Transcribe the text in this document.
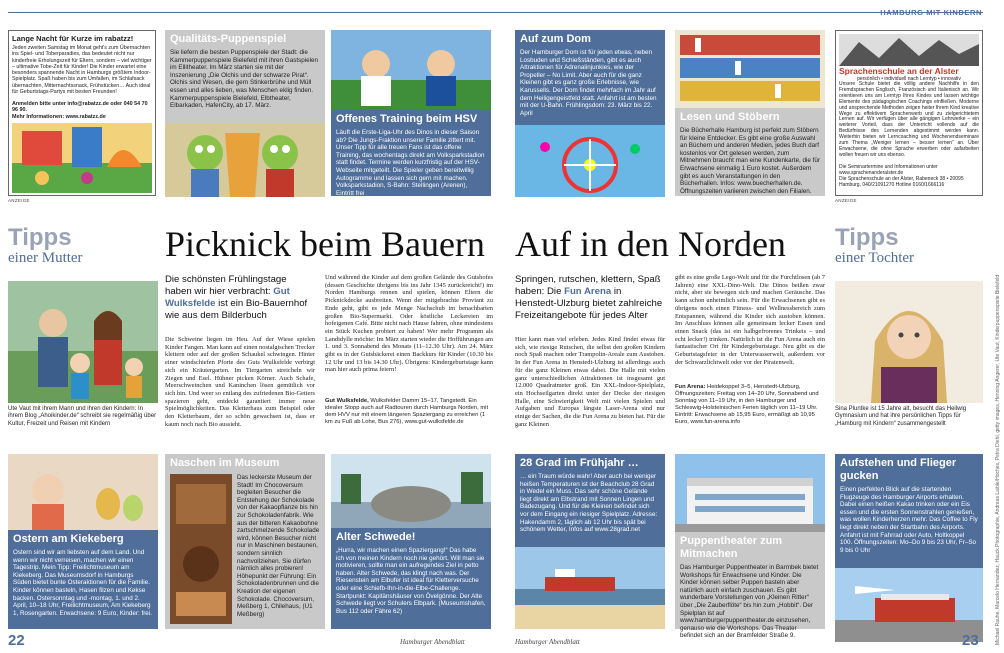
Lange Nacht für Kurze im rabatzz!
Jeden zweiten Samstag im Monat geht's zum Übernachten ins Spiel- und Toberparadies, das bedeutet nicht nur kinderfreie Erholungszeit für Eltern, sondern – viel wichtiger – ultimative Tobe-Zeit für Kinder! Die Kinder erwartet eine besonders spannende Nacht in Hamburgs größtem Indoor-Spielplatz. Spaß haben bis zum Umfallen, im Schlafsack übernachten, Mitternachtssnack, Frühstücken… Auch ideal für Geburtstags-Partys mit besten Freunden!
Anmelden bitte unter info@rabatzz.de oder 040 54 70 96 90.
Mehr Informationen: www.rabatzz.de
ANZEIGE
Qualitäts-Puppenspiel
Sie liefern die besten Puppenspiele der Stadt: die Kammerpuppenspiele Bielefeld mit ihren Gastspielen im Ellitheater. Im März starten sie mit der Inszenierung „Die Olchis und der schwarze Pirat“. Olchis sind Wesen, die gern Stinkerbrühe und Müll essen und alles lieben, was Menschen eklig finden. Kammerpuppenspiele Bielefeld, Elbtheater, Elbarkaden, HafenCity, ab 17. März.
Offenes Training beim HSV
Läuft die Erste-Liga-Uhr des Dinos in dieser Saison ab? Die Jungs-Fraktion unserer Familie zittert mit. Unser Tipp für alle treuen Fans ist das offene Training, das wochentags direkt am Volksparkstadion statt findet. Termine werden kurzfristig auf der HSV-Webseite mitgeteilt. Die Spieler geben bereitwillig Autogramme und lassen sich gern mit machen. Volksparkstadion, S-Bahn: Stellingen (Arenen), Eintritt frei
Auf zum Dom
Der Hamburger Dom ist für jeden etwas, neben Losbuden und Schießständen, gibt es auch Attraktionen für Adrenalinjunkies, wie der Propeller – No Limit. Aber auch für die ganz Kleinen gibt es ganz große Erlebnisse, wie Karussells. Der Dom findet mehrfach im Jahr auf dem Heiligengeistfeld statt. Anfahrt ist am besten mit der U-Bahn. Frühlingsdom: 23. März bis 22. April	Lesen und Stöbern
Die Bücherhalle Hamburg ist perfekt zum Stöbern für kleine Entdecker. Es gibt eine große Auswahl an Büchern und anderen Medien, jedes Buch darf kostenlos vor Ort gelesen werden, zum Mitnehmen braucht man eine Kundenkarte, die für Erwachsene einmalig 1 Euro kostet. Außerdem gibt es auch Veranstaltungen in den Bücherhallen. Infos: www.buecherhallen.de. Öffnungszeiten variieren zwischen den Filialen.
Sprachenschule an der Alster
persönlich • individuell nach Lerntyp • innovativ
Unsere Schule bietet die völlig andere Nachhilfe in den Fremdsprachen Englisch, Französisch und Italienisch an. Wir orientieren uns am Lerntyp Ihres Kindes und lassen wichtige Elemente des pädagogischen Coachings einfließen. Moderne und ansprechende Methoden zeigen heiter Ihrem Kind kreative Wege zu effektivem Sprachenwerb und zu zielgerichtetem Lernen auf. Wir verfügen über alle gängigen Lehrwerke – ein weiterer Vorteil, dass der Unterricht vollends auf die Bedürfnisse des Lernenden abgestimmt werden kann. Weiterhin bieten wir Lerncoaching und Wochenendseminare zum Thema „Weniger lernen – besser lernen“ an. Über Erwachsene, die ohne Sprache erwerben oder aufarbeiten wollen freuen wir uns ebenso.
Die Seminartermine und Informationen unter www.sprachenanderalster.de
Die Sprachenschule an der Alster, Rabeneck 38 • 20095 Hamburg, 040/21091270 Hotline 0160/1666116
ANZEIGE
Tipps
einer Mutter
Ute Vaut mit ihrem Mann und ihren den Kindern: In ihrem Blog „Ahoikinder.de“ schreibt sie regelmäßig über Kultur, Freizeit und Reisen mit Kindern
Picknick beim Bauern
Die schönsten Frühlingstage haben wir hier verbracht: Gut Wulksfelde ist ein Bio-Bauernhof wie aus dem Bilderbuch
Die Schweine liegen im Heu. Auf der Wiese spielen Kinder Fangen. Man kann auf einen nostalgischen Trecker klettern oder auf der großen Schaukel schwingen. Hinter einer windschiefen Pforte des Guts Wulksfelde verbirgt sich ein Kräutergarten. Im Tiergarten streicheln wir Ziegen und Esel. Hühner picken Körner. Auch Schafe, Meerschweinchen und Kaninchen lösen gemütlich vor sich hin. Und weer so entlang des zufriedenen Bio-Getiers spazieren geht, entdeckt garantiert immer neue Spielmöglichkeiten. Das Kletterhaus zum Beispiel oder den Kletterbaum, der so schön gewachsen ist, dass er kaum noch nach Bio aussieht.
Und während die Kinder auf dem großen Gelände des Gutshofes (dessen Geschichte übrigens bis ins Jahr 1345 zurückreicht!) im Norden Hamburgs rennen und spielen, können Eltern die Picknickdecke ausbreiten. Wenn der mitgebrachte Proviant zu Ende geht, gibt es jede Menge Nachschub im benachbarten großen Bio-Supermarkt. Oder köstliche Leckereien im hofeigenen Café. Bitte nicht nach Hause fahren, ohne mindestens ein Stück Kuchen probiert zu haben! Wer mehr Programm als Landidylle möchte: Im März starten wieder die Hofführungen am 1. und 3. Sonnabend des Monats (11–12.30 Uhr). Am 24. März gibt es in der Gutsbäckerei einen Backkurs für Kinder (10.30 bis 12 Uhr und 13 bis 14.30 Uhr). Übrigens: Kindergeburtstage kann man hier auch prima feiern!
Gut Wulksfelde, Wulksfelder Damm 15–17, Tangstedt. Ein ideaIer Stopp auch auf Radtouren durch Hamburgs Norden, mit dem HVV nur mit einem längeren Spaziergang zu erreichen (1 km zu Fuß ab Lohe, Bus 276), www.gut-wulksfelde.de
Auf in den Norden
Springen, rutschen, klettern, Spaß haben: Die Fun Arena in Henstedt-Ulzburg bietet zahlreiche Freizeitangebote für jedes Alter
Hier kann man viel erleben. Jedes Kind findet etwas für sich, wie riesige Rutschen, die selbst den großen Kindern noch Spaß machen oder Trampolin-Areale zum Austoben. In der Fun Arena in Henstedt-Ulzburg ist allerdings auch für die ganz Kleinen etwas dabei. Die Halle mit vielen ganz unterschiedlichen Attraktionen ist insgesamt gut 12.000 Quadratmeter groß. Ein XXL-Indoor-Spielplatz, ein Hochseilgarten direkt unter der Decke der riesigen Halle, eine Schwierigkeit Welt mit vielen Spielen und Aufgaben und Europas längste Laser-Arena sind nur einige der Sachen, die die Fun Arena zu bieten hat. Für die ganz Kleinen
gibt es eine große Lego-Welt und für die Furchtlosen (ab 7 Jahren) eine XXL-Dino-Welt. Die Dinos beißen zwar nicht, aber sie bewegen sich und machen Geräusche. Das kann schon unheimlich sein. Für die Erwachsenen gibt es übrigens noch einen Fitness- und Wellnessbereich zum Entspannen, während die Kinder sich austoben können. Im Anschluss können alle gemeinsam lecker Essen und einen Snack (das ist ein halbgefrorenes Trinkeis – und echt lecker!) trinken. Natürlich ist die Fun Arena auch ein fantastischer Ort für Kindergeburtstage. Neu gibt es die Geburtstagsfeier in der Unterwasserwelt, außerdem vor der Schwarzlichtwelt oder vor der Piratenwelt.
Fun Arena: Heidekoppel 3–5, Henstedt-Ulzburg, Öffnungszeiten: Freitag von 14–20 Uhr, Sonnabend und Sonntag von 11–19 Uhr, in den Hamburger und Schleswig-Holsteinischen Ferien täglich von 11–19 Uhr. Eintritt: Erwachsene ab 15,95 Euro, ermäßigt ab 10,95 Euro, www.fun-arena.info
Tipps
einer Tochter
Sina Pluntke ist 15 Jahre alt, besucht das Heilwig Gymnasium und hat ihre persönlichen Tipps für „Hamburg mit Kindern“ zusammengestellt
Ostern am Kiekeberg
Ostern sind wir am liebsten auf dem Land. Und wenn wir nicht verreisen, machen wir einen Tagestrip. Mein Tipp: Freilichtmuseum am Kiekeberg. Das Museumsdorf in Hamburgs Süden bietet bunte Osteraktionen für die Familie. Kinder können basteln, Hasen filzen und Kekse backen. Ostersonntag und -montag, 1. und 2. April, 10–18 Uhr, Freilichtmuseum, Am Kiekeberg 1, Rosengarten. Erwachsene: 9 Euro, Kinder: frei.
Naschen im Museum
Das leckerste Museum der Stadt! Im Chocoversum begleiten Besucher die Entstehung der Schokolade von der Kakaopflanze bis hin zur Schokoladenfabrik. Wie aus der bitteren Kakaobohne zartschmelzende Schokolade wird, können Besucher nicht nur in Maschinen bestaunen, sondern sinnlich nachvollziehen. Sie dürfen nämlich alles probieren! Höhepunkt der Führung: Ein Schokoladenbrunnen und die Kreation der eigenen Schokolade. Chocoversum, Meßberg 1, Chilehaus, (U1 Meßberg)
Alter Schwede!
„Hurra, wir machen einen Spaziergang!“ Das habe ich von meinen Kindern noch nie gehört. Will man sie motivieren, sollte man ein aufregendes Ziel in petto haben. Alter Schwede, das klingt nach was. Der Riesenstein am Elbufer ist ideal für Kletterversuche oder eine Schiefb-Ihn-in-die-Elbe-Challenge. Startpunkt: Kapitänshäuser von Övelgönne. Der Alte Schwede liegt vor Schulers Elbpark. (Museumshafen, Bus 112 oder Fähre 62)
28 Grad im Frühjahr …
… ein Traum würde wahr! Aber auch bei weniger heißen Temperaturen ist der Beachclub 28 Grad in Wedel ein Muss. Das sehr schöne Gelände liegt direkt am Elbstrand mit Sonnen Lingen und Badezugang. Und für die Kleinen befindet sich vor dem Eingang ein riesiger Spielplatz. Adresse: Hakendamm 2, täglich ab 12 Uhr bis spät bei schönem Wetter, Infos auf www.28grad.net
Puppentheater zum Mitmachen
Das Hamburger Puppentheater in Barmbek bietet Workshops für Erwachsene und Kinder. Die Kinder können selber Puppen basteln aber natürlich auch einfach zuschauen. Es gibt wunderbare Vorstellungen von „Kleinen Ritter“ über „Die Zauberflöte“ bis hin zum „Hobbit“. Der Spielplan ist auf www.hamburgerpuppentheater.de einzusehen, genauso wie die Workshops. Das Theater befindet sich an der Bramfelder Straße 9.
Aufstehen und Flieger gucken
Einen perfekten Blick auf die startenden Flugzeuge des Hamburger Airports erhalten. Dabei einen heißen Kakao trinken oder ein Eis essen und die ersten Sonnenstrahlen genießen, was wollen Kinderherzen mehr. Das Coffee to Fly liegt direkt neben der Startbahn des Airports. Anfahrt ist mit Fahrrad oder Auto, Holtkoppel 100. Öffnungszeiten: Mo–Do 9 bis 23 Uhr, Fr–So 9 bis 0 Uhr
22	Hamburger Abendblatt	Hamburger Abendblatt	23	Michael Rauhe, Marcelo Hernandez, Hauck Photographie, Andreas Laible/Hoches, Petra Diehl, getty images, Henning Angerer, Ute Vaut, Kinderpuppenspiele Bielefeld
